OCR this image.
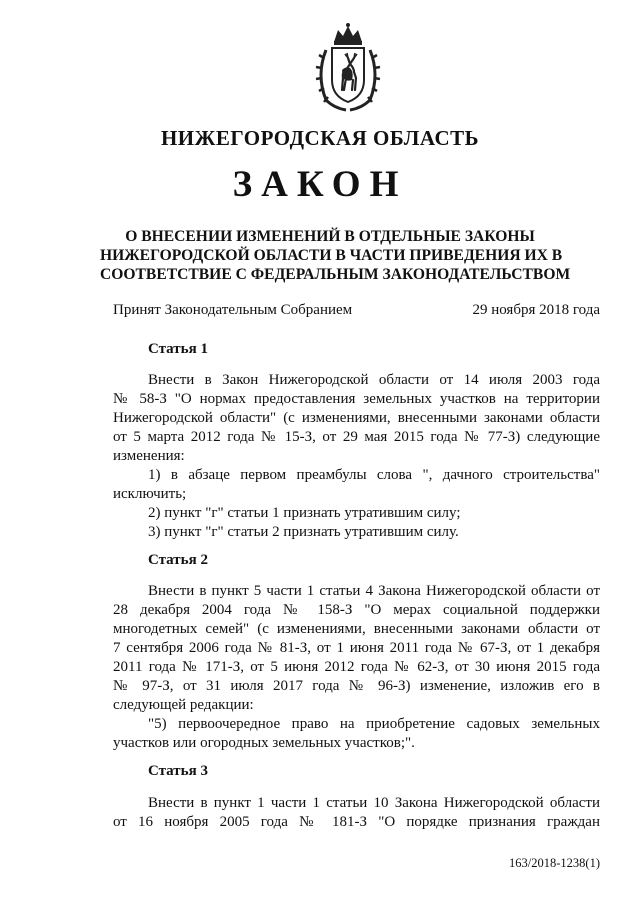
НИЖЕГОРОДСКАЯ ОБЛАСТЬ
ЗАКОН
О ВНЕСЕНИИ ИЗМЕНЕНИЙ В ОТДЕЛЬНЫЕ ЗАКОНЫ
НИЖЕГОРОДСКОЙ ОБЛАСТИ В ЧАСТИ ПРИВЕДЕНИЯ ИХ В
СООТВЕТСТВИЕ С ФЕДЕРАЛЬНЫМ ЗАКОНОДАТЕЛЬСТВОМ
Принят Законодательным Собранием	29 ноября 2018 года
Статья 1
Внести в Закон Нижегородской области от 14 июля 2003 года
№ 58-З "О нормах предоставления земельных участков на территории
Нижегородской области" (с изменениями, внесенными законами области
от 5 марта 2012 года № 15-З, от 29 мая 2015 года № 77-З) следующие
изменения:
1) в абзаце первом преамбулы слова ", дачного строительства"
исключить;
2) пункт "г" статьи 1 признать утратившим силу;
3) пункт "г" статьи 2 признать утратившим силу.
Статья 2
Внести в пункт 5 части 1 статьи 4 Закона Нижегородской области от
28 декабря 2004 года № 158-З "О мерах социальной поддержки
многодетных семей" (с изменениями, внесенными законами области от
7 сентября 2006 года № 81-З, от 1 июня 2011 года № 67-З, от 1 декабря
2011 года № 171-З, от 5 июня 2012 года № 62-З, от 30 июня 2015 года
№ 97-З, от 31 июля 2017 года № 96-З) изменение, изложив его в
следующей редакции:
"5) первоочередное право на приобретение садовых земельных
участков или огородных земельных участков;".
Статья 3
Внести в пункт 1 части 1 статьи 10 Закона Нижегородской области
от 16 ноября 2005 года № 181-З "О порядке признания граждан
163/2018-1238(1)
